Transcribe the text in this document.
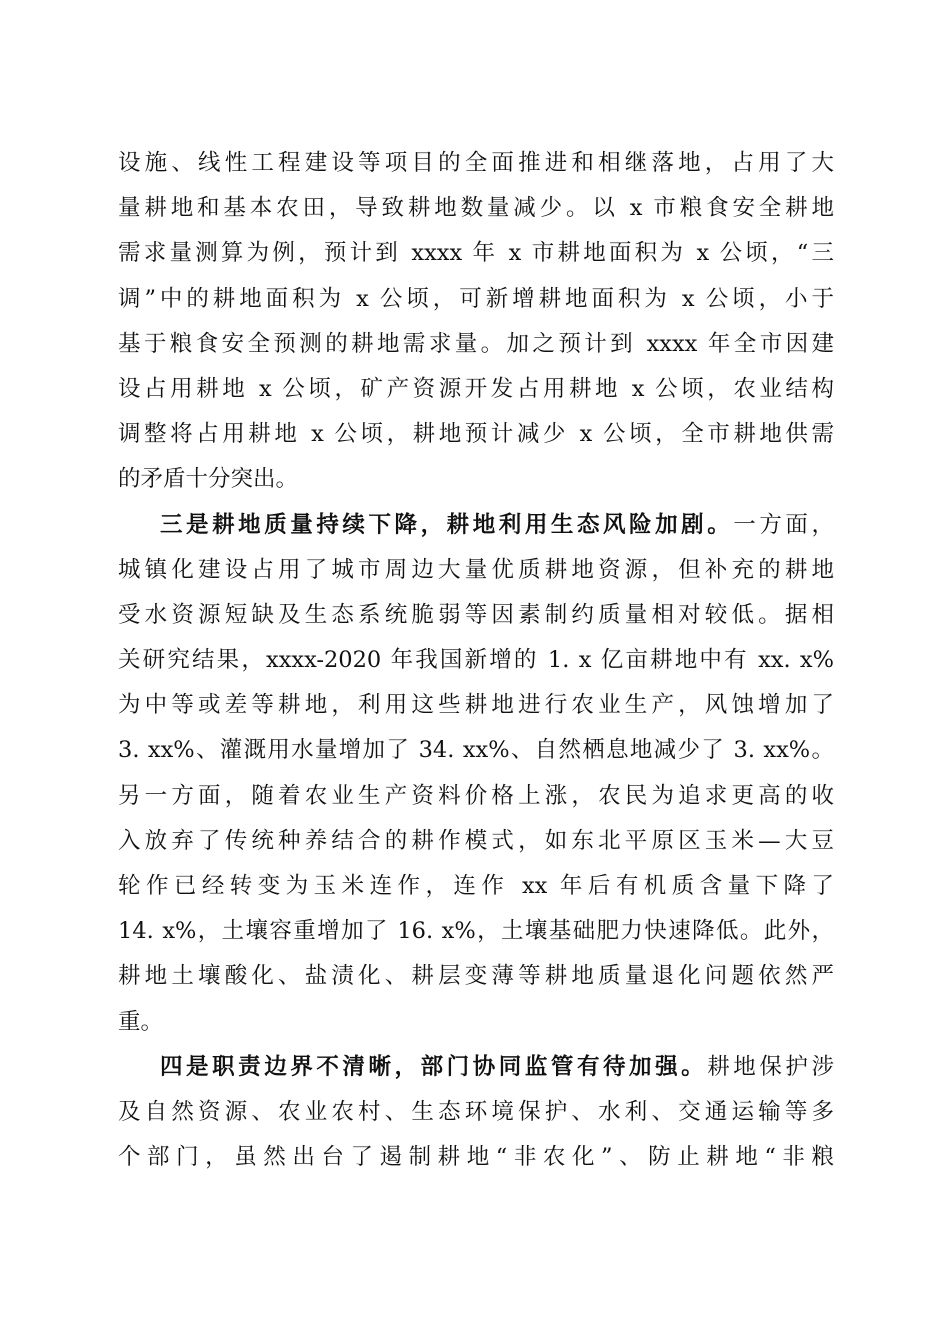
设施、线性工程建设等项目的全面推进和相继落地，占用了大
量耕地和基本农田，导致耕地数量减少。以 x 市粮食安全耕地
需求量测算为例，预计到 xxxx 年 x 市耕地面积为 x 公顷，“三
调”中的耕地面积为 x 公顷，可新增耕地面积为 x 公顷，小于
基于粮食安全预测的耕地需求量。加之预计到 xxxx 年全市因建
设占用耕地 x 公顷，矿产资源开发占用耕地 x 公顷，农业结构
调整将占用耕地 x 公顷，耕地预计减少 x 公顷，全市耕地供需
的矛盾十分突出。
三是耕地质量持续下降，耕地利用生态风险加剧。一方面，
城镇化建设占用了城市周边大量优质耕地资源，但补充的耕地
受水资源短缺及生态系统脆弱等因素制约质量相对较低。据相
关研究结果，xxxx-2020 年我国新增的 1. x 亿亩耕地中有 xx. x%
为中等或差等耕地，利用这些耕地进行农业生产，风蚀增加了
3. xx%、灌溉用水量增加了 34. xx%、自然栖息地减少了 3. xx%。
另一方面，随着农业生产资料价格上涨，农民为追求更高的收
入放弃了传统种养结合的耕作模式，如东北平原区玉米—大豆
轮作已经转变为玉米连作，连作 xx 年后有机质含量下降了
14. x%，土壤容重增加了 16. x%，土壤基础肥力快速降低。此外，
耕地土壤酸化、盐渍化、耕层变薄等耕地质量退化问题依然严
重。
四是职责边界不清晰，部门协同监管有待加强。耕地保护涉
及自然资源、农业农村、生态环境保护、水利、交通运输等多
个部门，虽然出台了遏制耕地“非农化”、防止耕地“非粮
